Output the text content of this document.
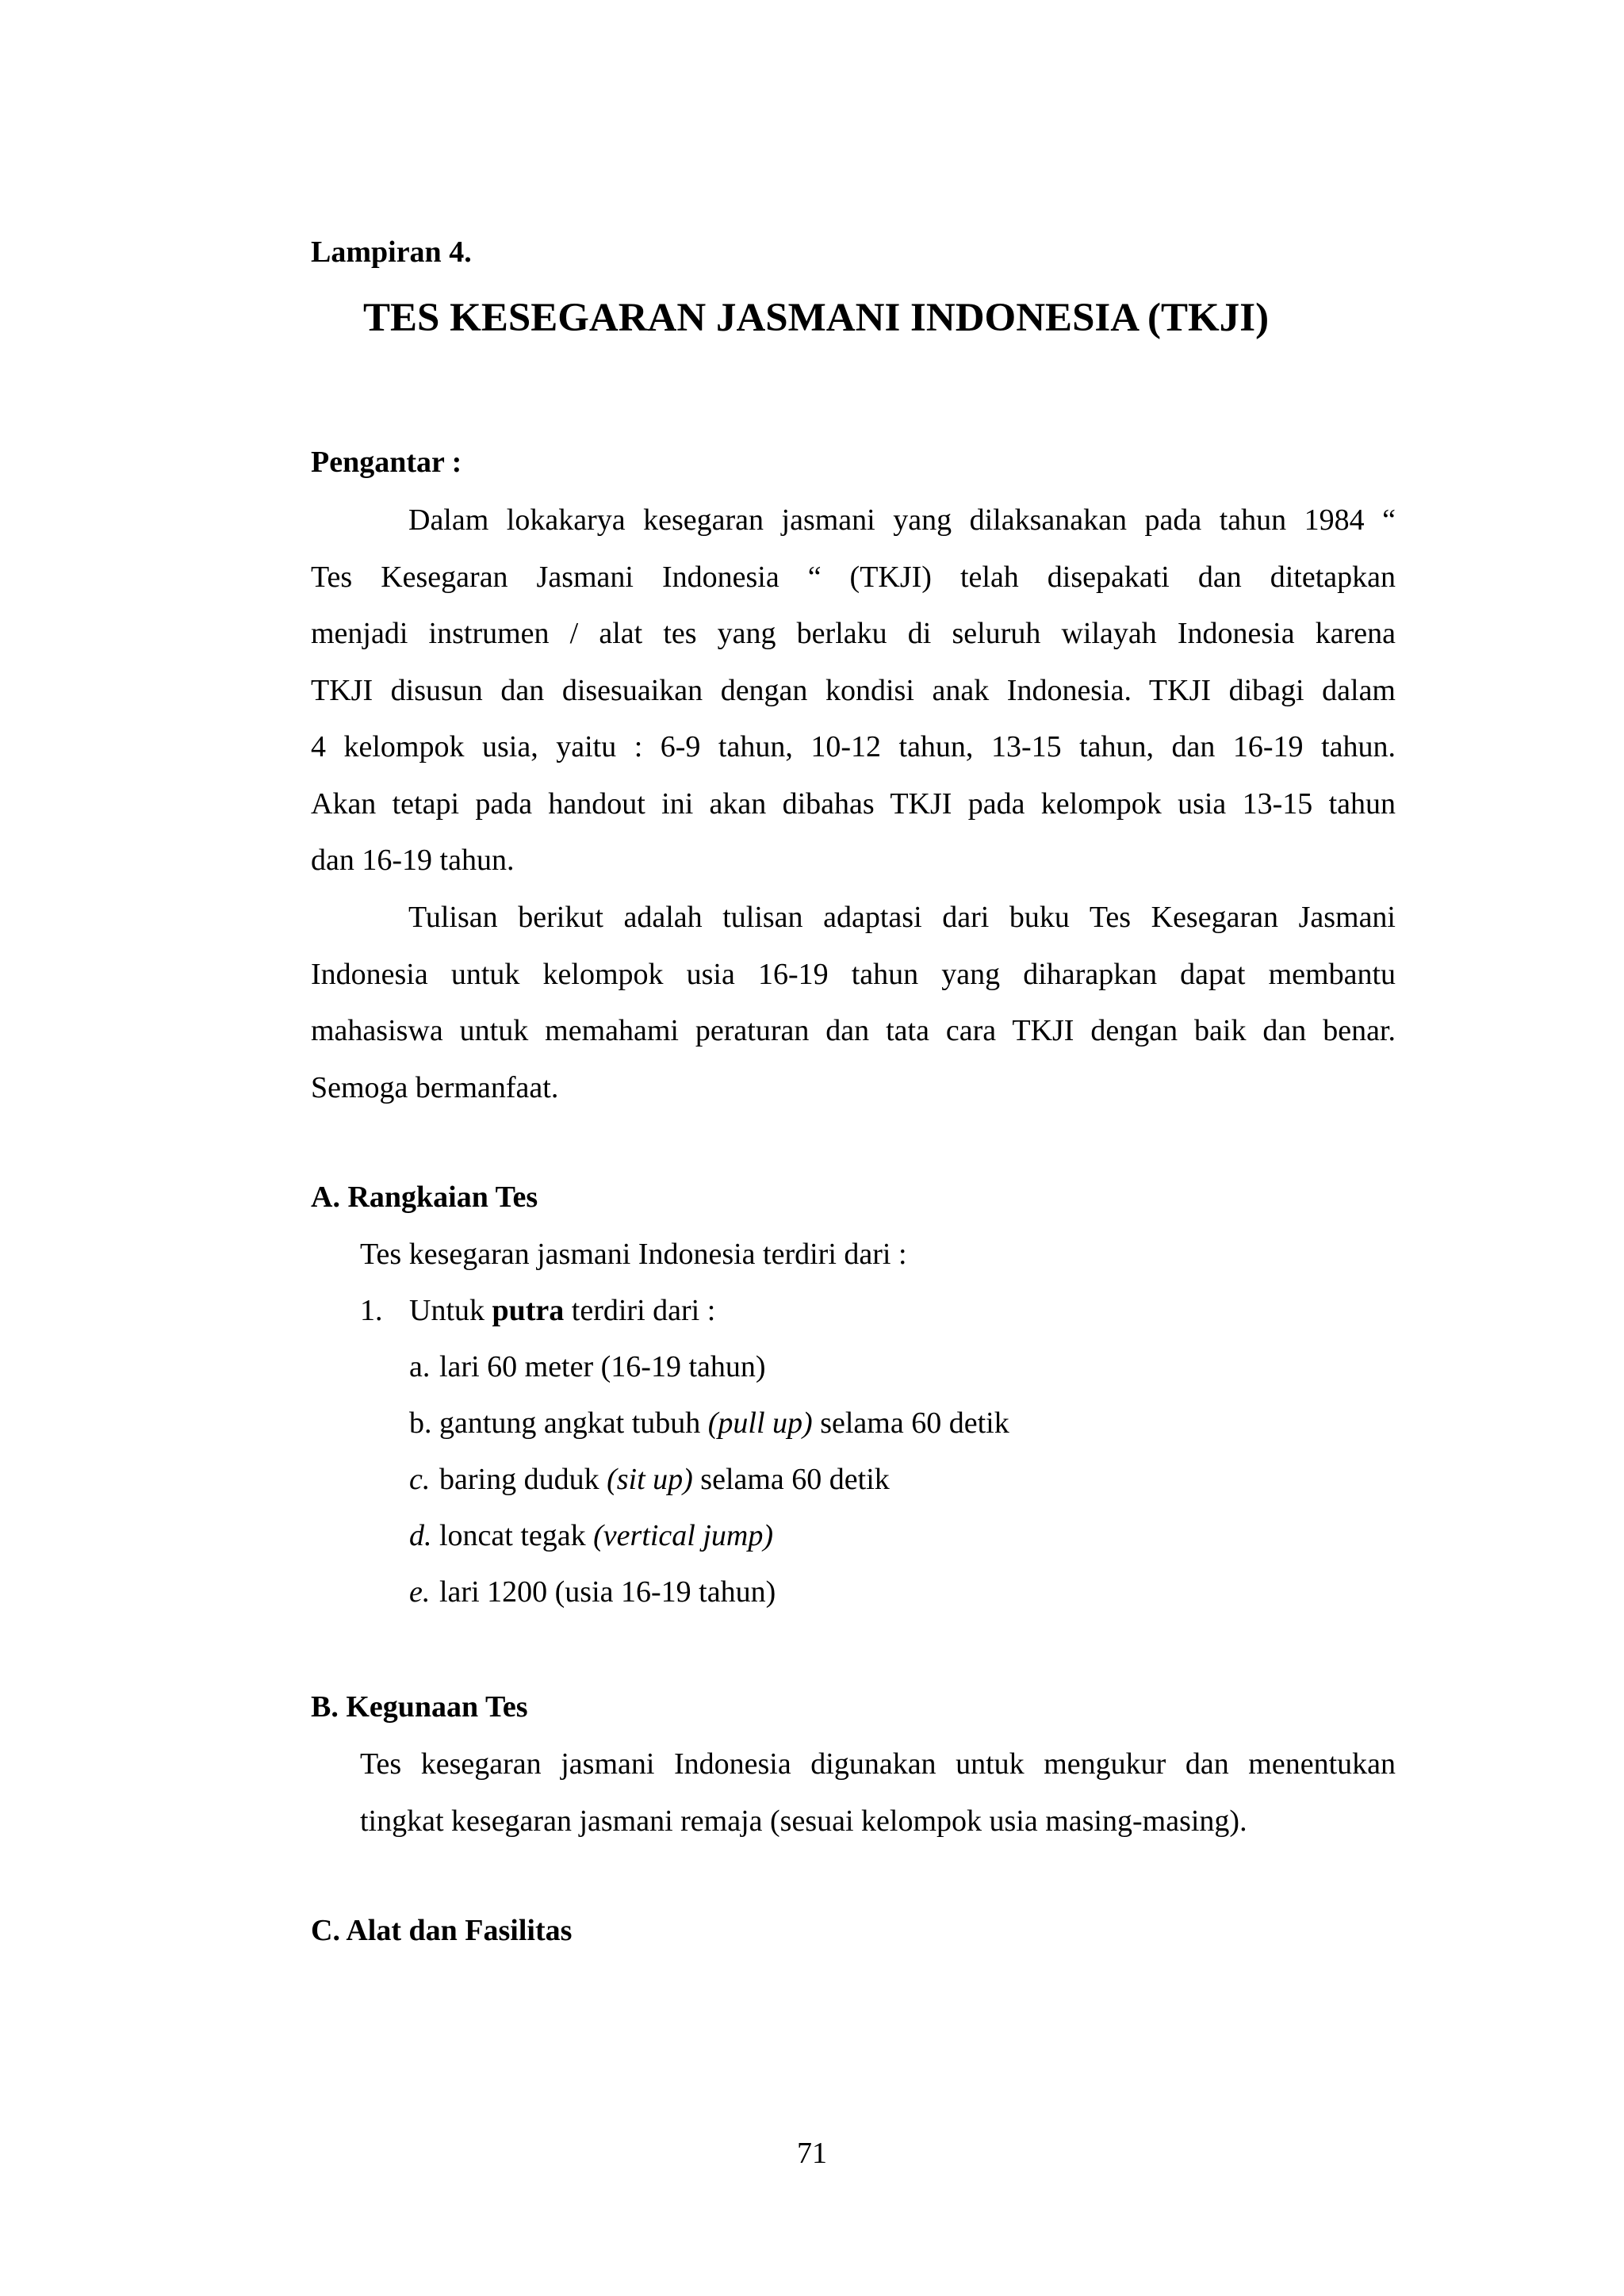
Lampiran 4.
TES KESEGARAN JASMANI INDONESIA (TKJI)
Pengantar :
Dalam lokakarya kesegaran jasmani yang dilaksanakan pada tahun 1984 “
Tes Kesegaran Jasmani Indonesia “ (TKJI) telah disepakati dan ditetapkan
menjadi instrumen / alat tes yang berlaku di seluruh wilayah Indonesia karena
TKJI disusun dan disesuaikan dengan kondisi anak Indonesia. TKJI dibagi dalam
4 kelompok usia, yaitu : 6-9 tahun, 10-12 tahun, 13-15 tahun, dan 16-19 tahun.
Akan tetapi pada handout ini akan dibahas TKJI pada kelompok usia 13-15 tahun
dan 16-19 tahun.
Tulisan berikut adalah tulisan adaptasi dari buku Tes Kesegaran Jasmani
Indonesia untuk kelompok usia 16-19 tahun yang diharapkan dapat membantu
mahasiswa untuk memahami peraturan dan tata cara TKJI dengan baik dan benar.
Semoga bermanfaat.
A. Rangkaian Tes
Tes kesegaran jasmani Indonesia terdiri dari :
1. Untuk putra terdiri dari :
a. lari 60 meter (16-19 tahun)
b. gantung angkat tubuh (pull up) selama 60 detik
c. baring duduk (sit up) selama 60 detik
d. loncat tegak (vertical jump)
e. lari 1200 (usia 16-19 tahun)
B. Kegunaan Tes
Tes kesegaran jasmani Indonesia digunakan untuk mengukur dan menentukan
tingkat kesegaran jasmani remaja (sesuai kelompok usia masing-masing).
C. Alat dan Fasilitas
71
